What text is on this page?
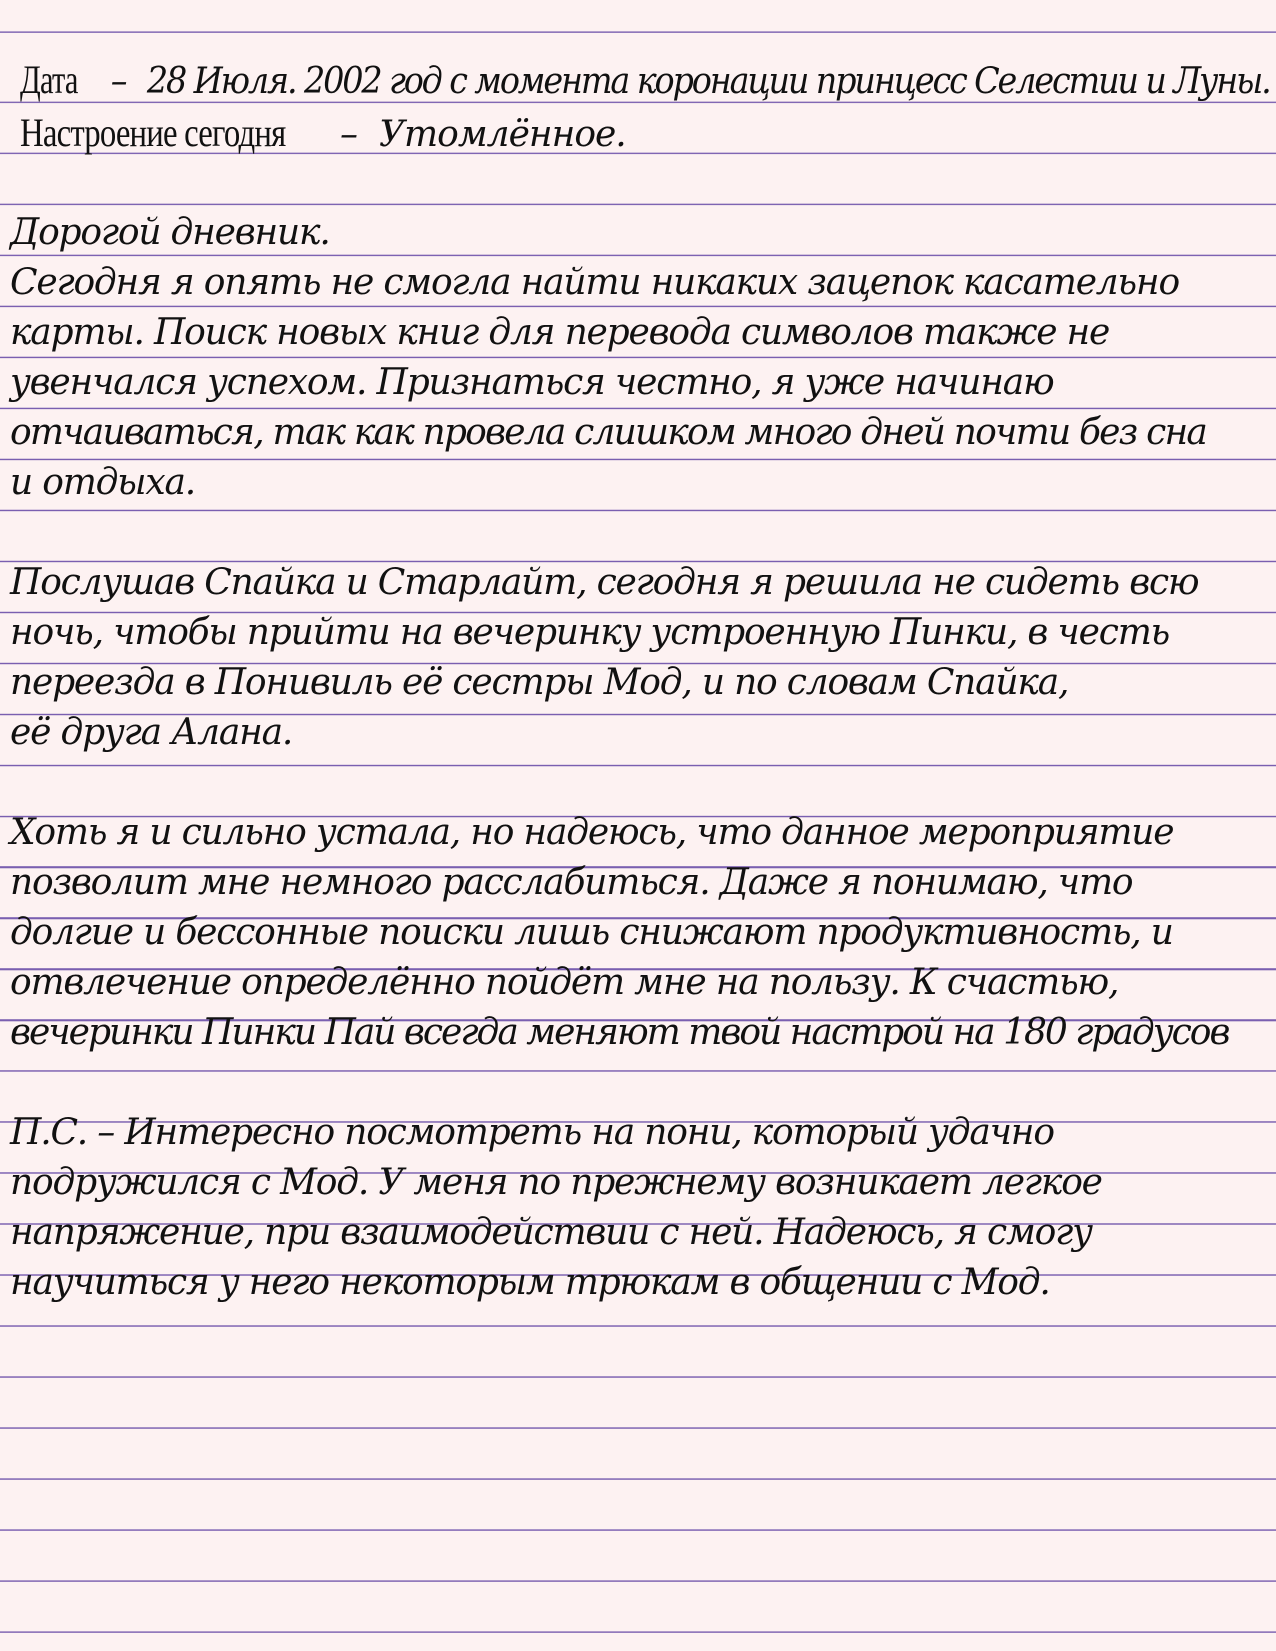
Дата – 28 Июля. 2002 год с момента коронации принцесс Селестии и Луны.
Настроение сегодня – Утомлённое.
Дорогой дневник.
Сегодня я опять не смогла найти никаких зацепок касательно
карты. Поиск новых книг для перевода символов также не
увенчался успехом. Признаться честно, я уже начинаю
отчаиваться, так как провела слишком много дней почти без сна
и отдыха.
Послушав Спайка и Старлайт, сегодня я решила не сидеть всю
ночь, чтобы прийти на вечеринку устроенную Пинки, в честь
переезда в Понивиль её сестры Мод, и по словам Спайка,
её друга Алана.
Хоть я и сильно устала, но надеюсь, что данное мероприятие
позволит мне немного расслабиться. Даже я понимаю, что
долгие и бессонные поиски лишь снижают продуктивность, и
отвлечение определённо пойдёт мне на пользу. К счастью,
вечеринки Пинки Пай всегда меняют твой настрой на 180 градусов
П.С. – Интересно посмотреть на пони, который удачно
подружился с Мод. У меня по прежнему возникает легкое
напряжение, при взаимодействии с ней. Надеюсь, я смогу
научиться у него некоторым трюкам в общении с Мод.
